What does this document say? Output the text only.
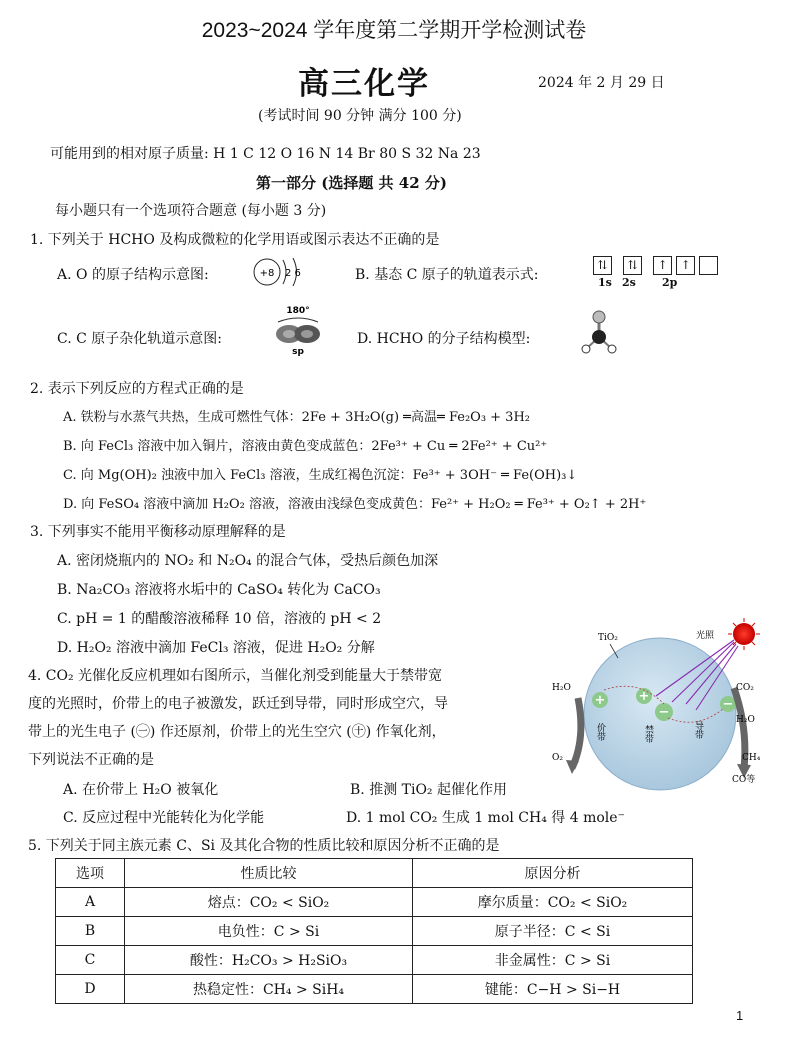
2023~2024 学年度第二学期开学检测试卷
高三化学	2024 年 2 月 29 日
(考试时间 90 分钟 满分 100 分)
可能用到的相对原子质量: H 1 C 12 O 16 N 14 Br 80 S 32 Na 23
第一部分 (选择题 共 42 分)
每小题只有一个选项符合题意 (每小题 3 分)
1. 下列关于 HCHO 及构成微粒的化学用语或图示表达不正确的是
A. O 的原子结构示意图:	+8 2 6	B. 基态 C 原子的轨道表示式:
⇅ ⇅ ↑ ↑
1s 2s 2p
C. C 原子杂化轨道示意图:
180°
sp
D. HCHO 的分子结构模型:
2. 表示下列反应的方程式正确的是
A. 铁粉与水蒸气共热，生成可燃性气体：2Fe + 3H₂O(g) ═高温═ Fe₂O₃ + 3H₂
B. 向 FeCl₃ 溶液中加入铜片，溶液由黄色变成蓝色：2Fe³⁺ + Cu ═ 2Fe²⁺ + Cu²⁺
C. 向 Mg(OH)₂ 浊液中加入 FeCl₃ 溶液，生成红褐色沉淀：Fe³⁺ + 3OH⁻ ═ Fe(OH)₃↓
D. 向 FeSO₄ 溶液中滴加 H₂O₂ 溶液，溶液由浅绿色变成黄色：Fe²⁺ + H₂O₂ ═ Fe³⁺ + O₂↑ + 2H⁺
3. 下列事实不能用平衡移动原理解释的是
A. 密闭烧瓶内的 NO₂ 和 N₂O₄ 的混合气体，受热后颜色加深
B. Na₂CO₃ 溶液将水垢中的 CaSO₄ 转化为 CaCO₃
C. pH = 1 的醋酸溶液稀释 10 倍，溶液的 pH < 2
D. H₂O₂ 溶液中滴加 FeCl₃ 溶液，促进 H₂O₂ 分解
4. CO₂ 光催化反应机理如右图所示，当催化剂受到能量大于禁带宽
度的光照时，价带上的电子被激发，跃迁到导带，同时形成空穴，导
带上的光生电子 (㊀) 作还原剂，价带上的光生空穴 (㊉) 作氧化剂，
下列说法不正确的是
A. 在价带上 H₂O 被氧化	B. 推测 TiO₂ 起催化作用
C. 反应过程中光能转化为化学能	D. 1 mol CO₂ 生成 1 mol CH₄ 得 4 mole⁻
TiO₂	光照
+	+
−
−
H₂O
O₂
CO₂
H₂O
CH₄
CO等
价带	禁带	导带
5. 下列关于同主族元素 C、Si 及其化合物的性质比较和原因分析不正确的是
选项	性质比较	原因分析
A	熔点：CO₂ < SiO₂	摩尔质量：CO₂ < SiO₂
B	电负性：C > Si	原子半径：C < Si
C	酸性：H₂CO₃ > H₂SiO₃	非金属性：C > Si
D	热稳定性：CH₄ > SiH₄	键能：C−H > Si−H
1
